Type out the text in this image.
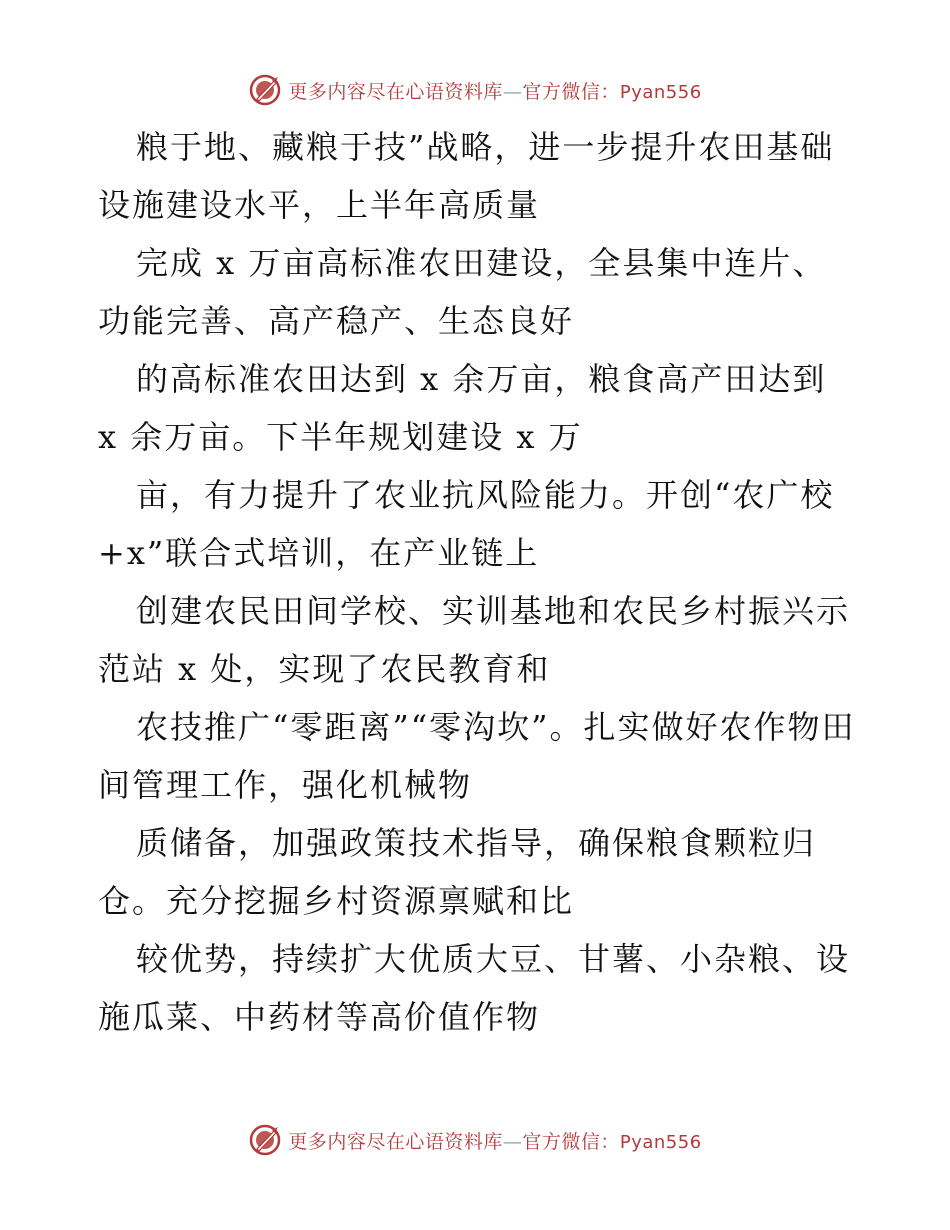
更多内容尽在心语资料库—官方微信：Pyan556

粮于地、藏粮于技”战略，进一步提升农田基础设施建设水平，上半年高质量

完成 x 万亩高标准农田建设，全县集中连片、功能完善、高产稳产、生态良好

的高标准农田达到 x 余万亩，粮食高产田达到 x 余万亩。下半年规划建设 x 万

亩，有力提升了农业抗风险能力。开创“农广校+x”联合式培训，在产业链上

创建农民田间学校、实训基地和农民乡村振兴示范站 x 处，实现了农民教育和

农技推广“零距离”“零沟坎”。扎实做好农作物田间管理工作，强化机械物

质储备，加强政策技术指导，确保粮食颗粒归仓。充分挖掘乡村资源禀赋和比

较优势，持续扩大优质大豆、甘薯、小杂粮、设施瓜菜、中药材等高价值作物

更多内容尽在心语资料库—官方微信：Pyan556
